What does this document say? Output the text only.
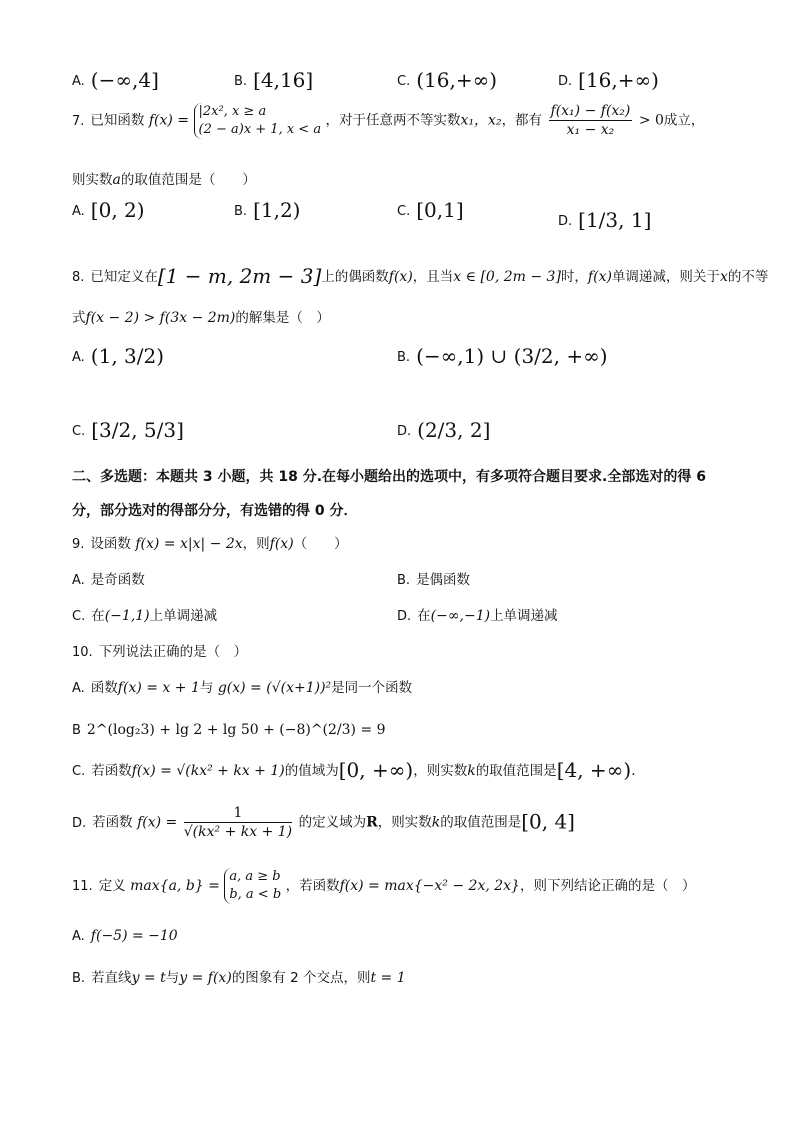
A. (−∞,4]	B. [4,16]	C. (16,+∞)	D. [16,+∞)
7. 已知函数 f(x) =
|2x², x ≥ a
(2 − a)x + 1, x < a
，对于任意两不等实数x₁，x₂，都有 $\frac{\text{f(x₁) − f(x₂)}}{\text{x₁ − x₂}} > 0$成立，
则实数a的取值范围是（　　）
A. [0, 2)	B. [1,2)	C. [0,1]	D. [1/3, 1]
8. 已知定义在[1 − m, 2m − 3]上的偶函数f(x)，且当x ∈ [0, 2m − 3]时，f(x)单调递减，则关于x的不等
式f(x − 2) > f(3x − 2m)的解集是（　）
A. (1, 3/2)	B. (−∞,1) ∪ (3/2, +∞)
C. [3/2, 5/3]	D. (2/3, 2]
二、多选题：本题共 3 小题，共 18 分.在每小题给出的选项中，有多项符合题目要求.全部选对的得 6 分，部分选对的得部分分，有选错的得 0 分．
9. 设函数 f(x) = x|x| − 2x，则f(x)（　　）
A. 是奇函数	B. 是偶函数
C. 在(−1,1)上单调递减	D. 在(−∞,−1)上单调递减
10. 下列说法正确的是（　）
A. 函数f(x) = x + 1与 g(x) = (√(x+1))²是同一个函数
B 2^(log₂3) + lg 2 + lg 50 + (−8)^(2/3) = 9
C. 若函数f(x) = √(kx² + kx + 1)的值域为[0, +∞)，则实数k的取值范围是[4, +∞).
D. 若函数 $f(x) = \frac{1}{\text{√(kx² + kx + 1)}}$ 的定义域为R，则实数k的取值范围是[0, 4]
11. 定义 max{a, b} =
a, a ≥ b
b, a < b
，若函数f(x) = max{−x² − 2x, 2x}，则下列结论正确的是（　）
A. f(−5) = −10
B. 若直线y = t与y = f(x)的图象有 2 个交点，则t = 1
